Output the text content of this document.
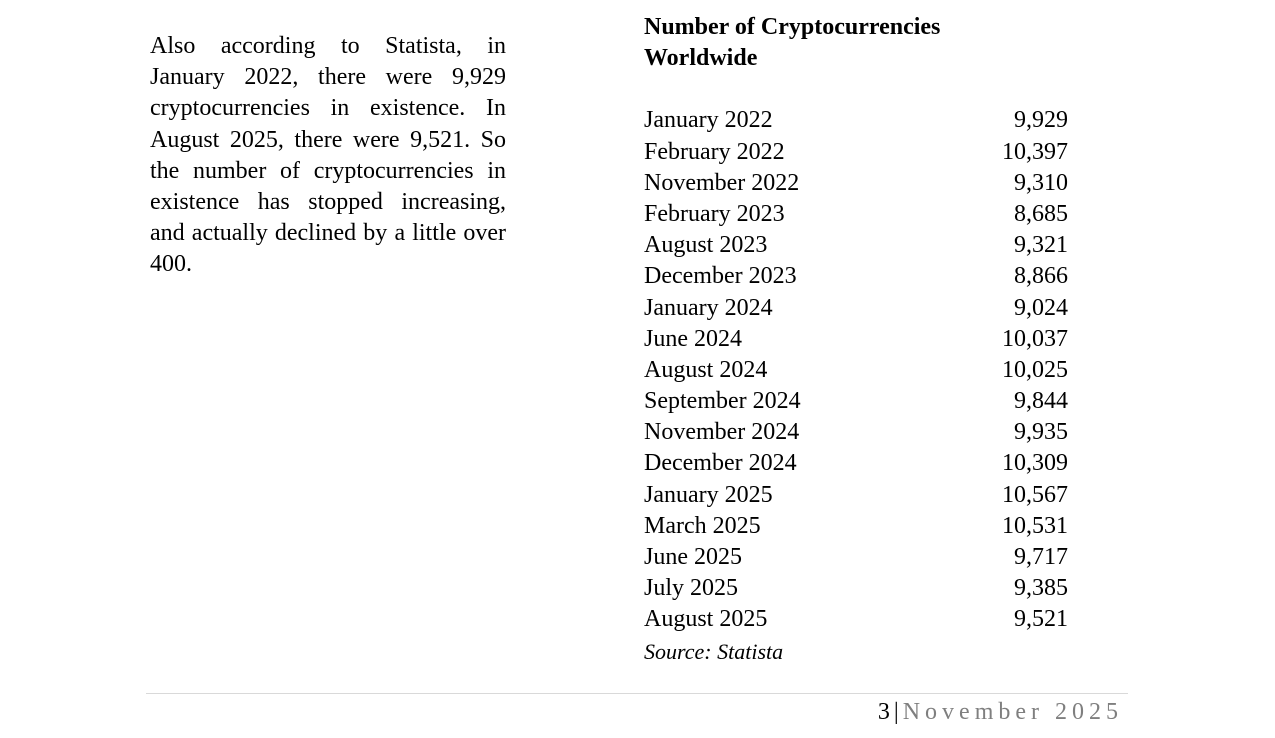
Also according to Statista, in January 2022, there were 9,929 cryptocurrencies in existence. In August 2025, there were 9,521. So the number of cryptocurrencies in existence has stopped increasing, and actually declined by a little over 400.
Number of Cryptocurrencies Worldwide
January 2022	9,929
February 2022	10,397
November 2022	9,310
February 2023	8,685
August 2023	9,321
December 2023	8,866
January 2024	9,024
June 2024	10,037
August 2024	10,025
September 2024	9,844
November 2024	9,935
December 2024	10,309
January 2025	10,567
March 2025	10,531
June 2025	9,717
July 2025	9,385
August 2025	9,521
Source: Statista
3 | November 2025
